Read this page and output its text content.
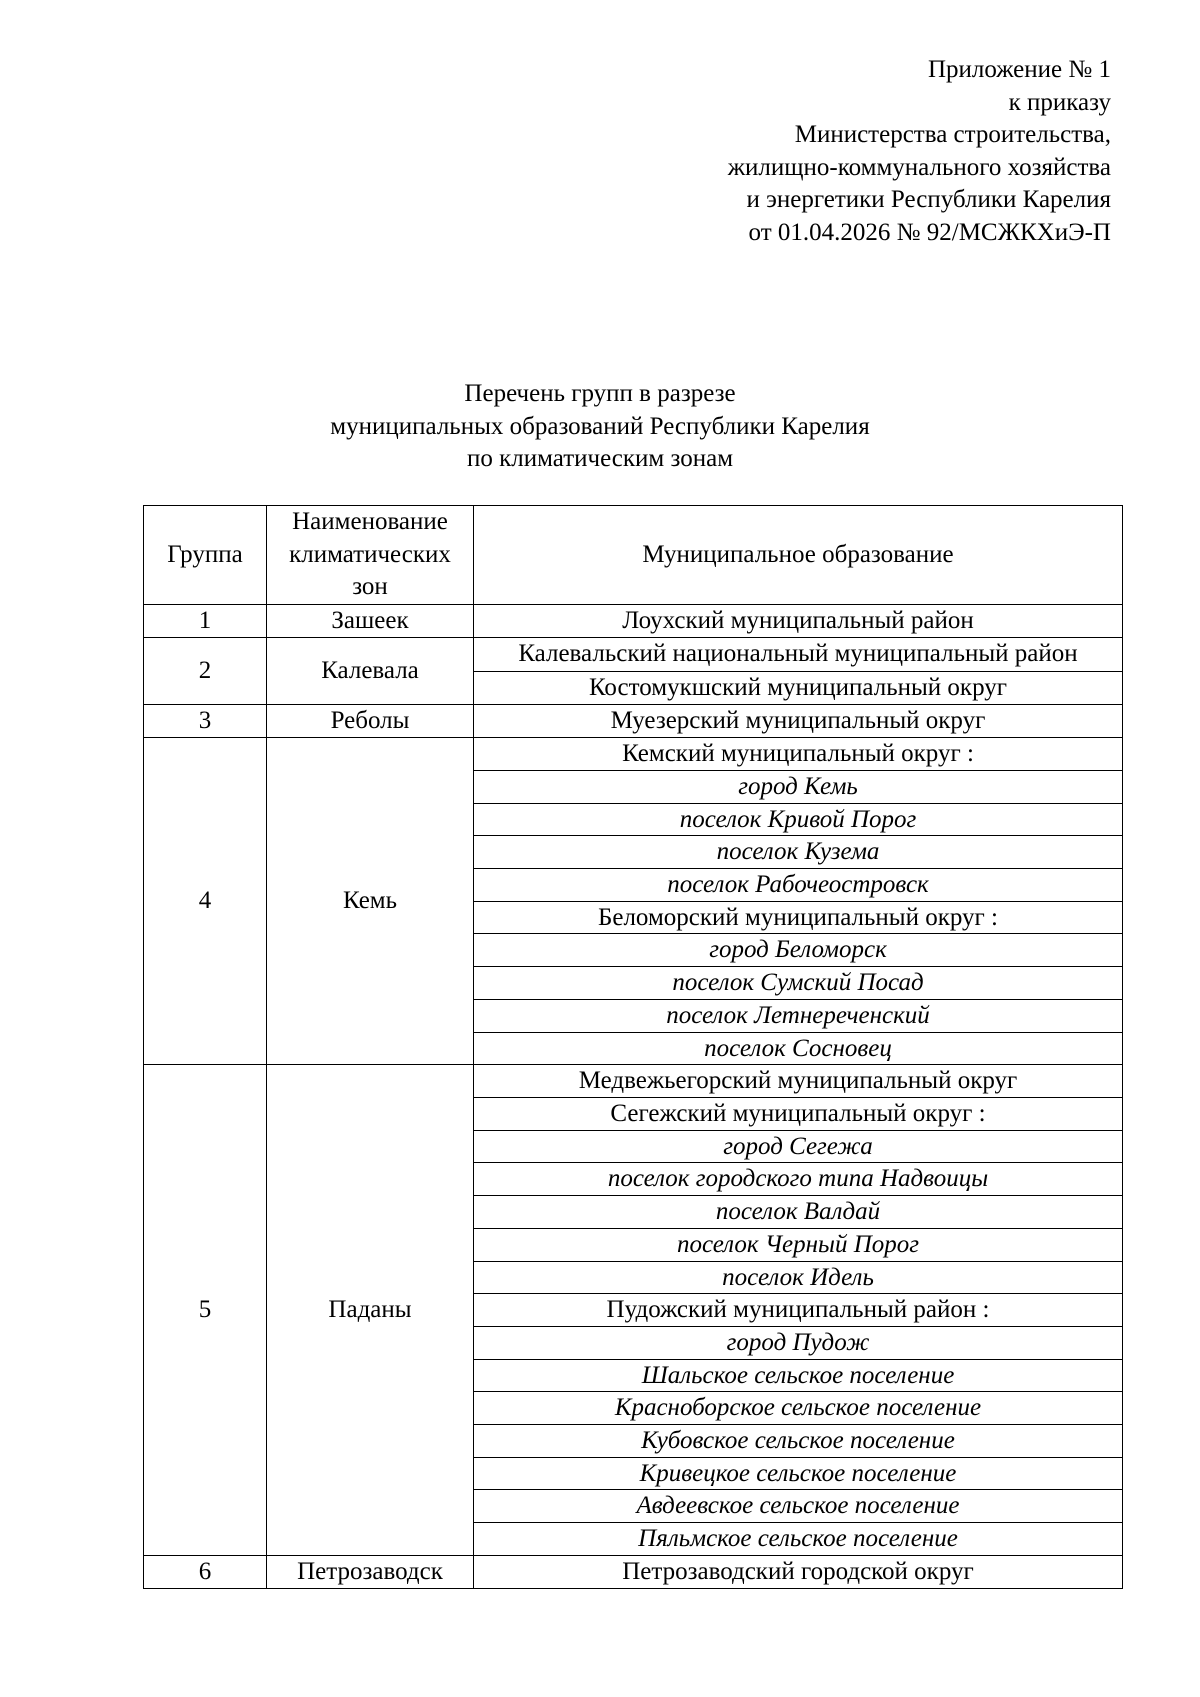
Приложение № 1
к приказу
Министерства строительства,
жилищно-коммунального хозяйства
и энергетики Республики Карелия
от 01.04.2026 № 92/МСЖКХиЭ-П
Перечень групп в разрезе
муниципальных образований Республики Карелия
по климатическим зонам
Группа	Наименование климатических зон	Муниципальное образование
1	Зашеек	Лоухский муниципальный район
2	Калевала	Калевальский национальный муниципальный район
		Костомукшский муниципальный округ
3	Реболы	Муезерский муниципальный округ
4	Кемь	Кемский муниципальный округ :
		город Кемь
		поселок Кривой Порог
		поселок Кузема
		поселок Рабочеостровск
		Беломорский муниципальный округ :
		город Беломорск
		поселок Сумский Посад
		поселок Летнереченский
		поселок Сосновец
5	Паданы	Медвежьегорский муниципальный округ
		Сегежский муниципальный округ :
		город Сегежа
		поселок городского типа Надвоицы
		поселок Валдай
		поселок Черный Порог
		поселок Идель
		Пудожский муниципальный район :
		город Пудож
		Шальское сельское поселение
		Красноборское сельское поселение
		Кубовское сельское поселение
		Кривецкое сельское поселение
		Авдеевское сельское поселение
		Пяльмское сельское поселение
6	Петрозаводск	Петрозаводский городской округ
